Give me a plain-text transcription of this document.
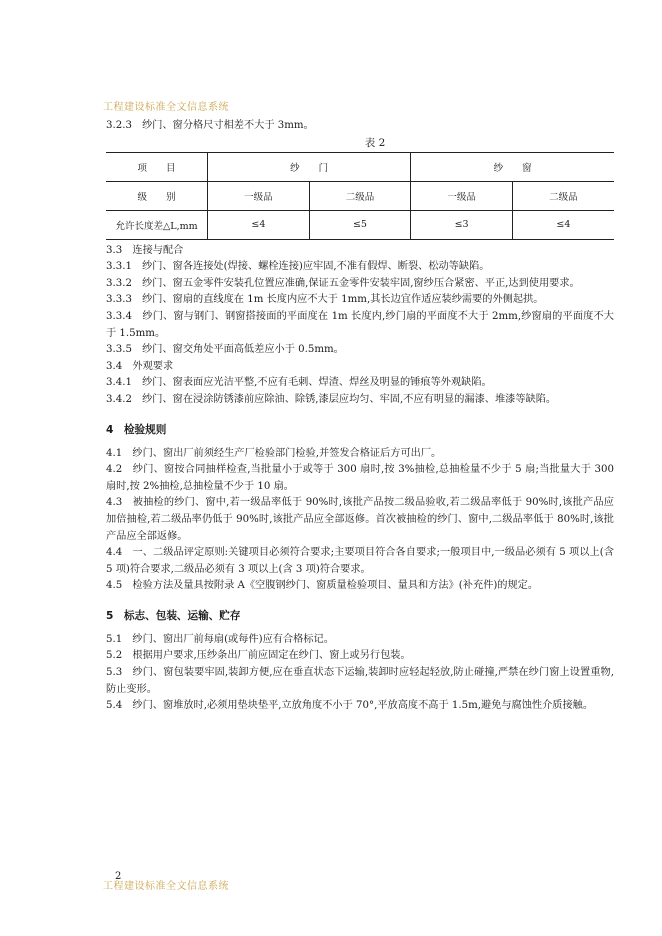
工程建设标准全文信息系统

3.2.3　纱门、窗分格尺寸相差不大于 3mm。

表 2

项　　目	纱　　门		纱　　窗	
级　　别	一级品	二级品	一级品	二级品
允许长度差△L,mm	≤4	≤5	≤3	≤4

3.3　连接与配合

3.3.1　纱门、窗各连接处(焊接、螺栓连接)应牢固,不准有假焊、断裂、松动等缺陷。

3.3.2　纱门、窗五金零件安装孔位置应准确,保证五金零件安装牢固,窗纱压合紧密、平正,达到使用要求。

3.3.3　纱门、窗扇的直线度在 1m 长度内应不大于 1mm,其长边宜作适应装纱需要的外侧起拱。

3.3.4　纱门、窗与钢门、钢窗搭接面的平面度在 1m 长度内,纱门扇的平面度不大于 2mm,纱窗扇的平面度不大于 1.5mm。

3.3.5　纱门、窗交角处平面高低差应小于 0.5mm。

3.4　外观要求

3.4.1　纱门、窗表面应光洁平整,不应有毛刺、焊渣、焊丝及明显的锤痕等外观缺陷。

3.4.2　纱门、窗在浸涂防锈漆前应除油、除锈,漆层应均匀、牢固,不应有明显的漏漆、堆漆等缺陷。

4　检验规则

4.1　纱门、窗出厂前须经生产厂检验部门检验,并签发合格证后方可出厂。

4.2　纱门、窗按合同抽样检查,当批量小于或等于 300 扇时,按 3%抽检,总抽检量不少于 5 扇;当批量大于 300 扇时,按 2%抽检,总抽检量不少于 10 扇。

4.3　被抽检的纱门、窗中,若一级品率低于 90%时,该批产品按二级品验收,若二级品率低于 90%时,该批产品应加倍抽检,若二级品率仍低于 90%时,该批产品应全部返修。首次被抽检的纱门、窗中,二级品率低于 80%时,该批产品应全部返修。

4.4　一、二级品评定原则:关键项目必须符合要求;主要项目符合各自要求;一般项目中,一级品必须有 5 项以上(含 5 项)符合要求,二级品必须有 3 项以上(含 3 项)符合要求。

4.5　检验方法及量具按附录 A《空腹钢纱门、窗质量检验项目、量具和方法》(补充件)的规定。

5　标志、包装、运输、贮存

5.1　纱门、窗出厂前每扇(或每件)应有合格标记。

5.2　根据用户要求,压纱条出厂前应固定在纱门、窗上或另行包装。

5.3　纱门、窗包装要牢固,装卸方便,应在垂直状态下运输,装卸时应轻起轻放,防止碰撞,严禁在纱门窗上设置重物,防止变形。

5.4　纱门、窗堆放时,必须用垫块垫平,立放角度不小于 70°,平放高度不高于 1.5m,避免与腐蚀性介质接触。

2
工程建设标准全文信息系统
